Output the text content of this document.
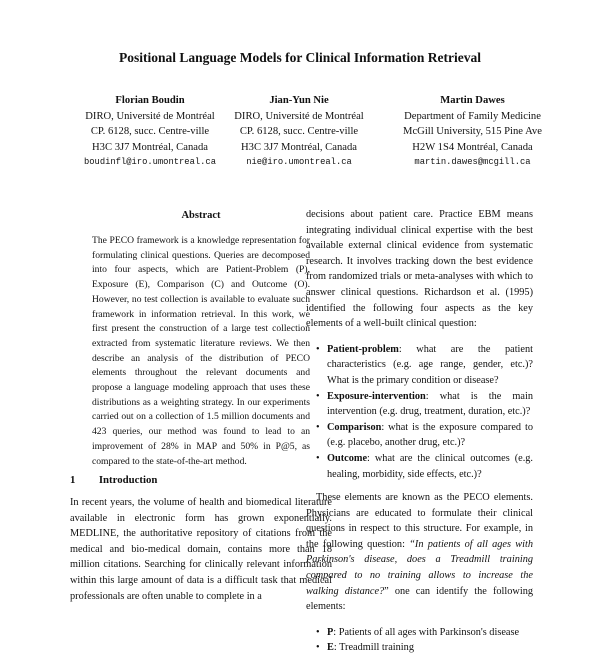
Positional Language Models for Clinical Information Retrieval
Florian Boudin
DIRO, Université de Montréal
CP. 6128, succ. Centre-ville
H3C 3J7 Montréal, Canada
boudinfl@iro.umontreal.ca
Jian-Yun Nie
DIRO, Université de Montréal
CP. 6128, succ. Centre-ville
H3C 3J7 Montréal, Canada
nie@iro.umontreal.ca
Martin Dawes
Department of Family Medicine
McGill University, 515 Pine Ave
H2W 1S4 Montréal, Canada
martin.dawes@mcgill.ca
Abstract
The PECO framework is a knowledge representation for formulating clinical questions. Queries are decomposed into four aspects, which are Patient-Problem (P), Exposure (E), Comparison (C) and Outcome (O). However, no test collection is available to evaluate such framework in information retrieval. In this work, we first present the construction of a large test collection extracted from systematic literature reviews. We then describe an analysis of the distribution of PECO elements throughout the relevant documents and propose a language modeling approach that uses these distributions as a weighting strategy. In our experiments carried out on a collection of 1.5 million documents and 423 queries, our method was found to lead to an improvement of 28% in MAP and 50% in P@5, as compared to the state-of-the-art method.
1 Introduction
In recent years, the volume of health and biomedical literature available in electronic form has grown exponentially. MEDLINE, the authoritative repository of citations from the medical and bio-medical domain, contains more than 18 million citations. Searching for clinically relevant information within this large amount of data is a difficult task that medical professionals are often unable to complete in a

decisions about patient care. Practice EBM means integrating individual clinical expertise with the best available external clinical evidence from systematic research. It involves tracking down the best evidence from randomized trials or meta-analyses with which to answer clinical questions. Richardson et al. (1995) identified the following four aspects as the key elements of a well-built clinical question:

• Patient-problem: what are the patient characteristics (e.g. age range, gender, etc.)? What is the primary condition or disease?
• Exposure-intervention: what is the main intervention (e.g. drug, treatment, duration, etc.)?
• Comparison: what is the exposure compared to (e.g. placebo, another drug, etc.)?
• Outcome: what are the clinical outcomes (e.g. healing, morbidity, side effects, etc.)?

These elements are known as the PECO elements. Physicians are educated to formulate their clinical questions in respect to this structure. For example, in the following question: “In patients of all ages with Parkinson's disease, does a Treadmill training compared to no training allows to increase the walking distance?” one can identify the following elements:

• P: Patients of all ages with Parkinson's disease
• E: Treadmill training
